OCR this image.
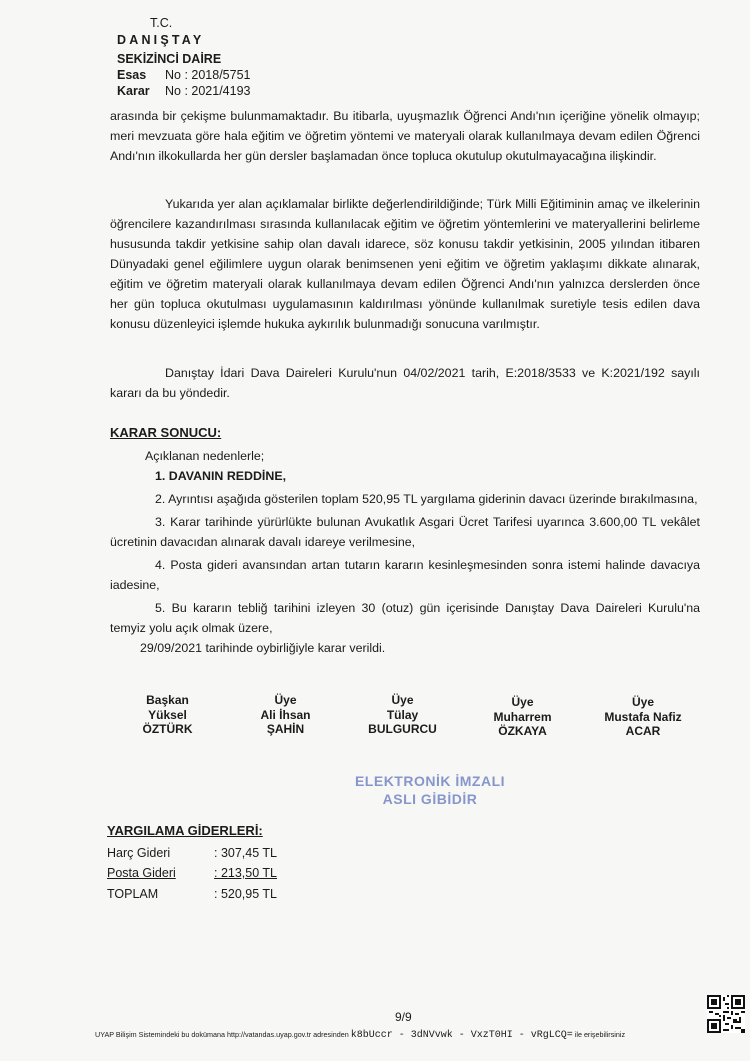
T.C.
DANIŞTAY
SEKİZİNCİ DAİRE
Esas No : 2018/5751
Karar No : 2021/4193

arasında bir çekişme bulunmamaktadır. Bu itibarla, uyuşmazlık Öğrenci Andı'nın içeriğine yönelik olmayıp; meri mevzuata göre hala eğitim ve öğretim yöntemi ve materyali olarak kullanılmaya devam edilen Öğrenci Andı'nın ilkokullarda her gün dersler başlamadan önce topluca okutulup okutulmayacağına ilişkindir.

Yukarıda yer alan açıklamalar birlikte değerlendirildiğinde; Türk Milli Eğitiminin amaç ve ilkelerinin öğrencilere kazandırılması sırasında kullanılacak eğitim ve öğretim yöntemlerini ve materyallerini belirleme hususunda takdir yetkisine sahip olan davalı idarece, söz konusu takdir yetkisinin, 2005 yılından itibaren Dünyadaki genel eğilimlere uygun olarak benimsenen yeni eğitim ve öğretim yaklaşımı dikkate alınarak, eğitim ve öğretim materyali olarak kullanılmaya devam edilen Öğrenci Andı'nın yalnızca derslerden önce her gün topluca okutulması uygulamasının kaldırılması yönünde kullanılmak suretiyle tesis edilen dava konusu düzenleyici işlemde hukuka aykırılık bulunmadığı sonucuna varılmıştır.

Danıştay İdari Dava Daireleri Kurulu'nun 04/02/2021 tarih, E:2018/3533 ve K:2021/192 sayılı kararı da bu yöndedir.

KARAR SONUCU:

Açıklanan nedenlerle;

1. DAVANIN REDDİNE,

2. Ayrıntısı aşağıda gösterilen toplam 520,95 TL yargılama giderinin davacı üzerinde bırakılmasına,

3. Karar tarihinde yürürlükte bulunan Avukatlık Asgari Ücret Tarifesi uyarınca 3.600,00 TL vekâlet ücretinin davacıdan alınarak davalı idareye verilmesine,

4. Posta gideri avansından artan tutarın kararın kesinleşmesinden sonra istemi halinde davacıya iadesine,

5. Bu kararın tebliğ tarihini izleyen 30 (otuz) gün içerisinde Danıştay Dava Daireleri Kurulu'na temyiz yolu açık olmak üzere,

29/09/2021 tarihinde oybirliğiyle karar verildi.

Başkan
Yüksel
ÖZTÜRK
Üye
Ali İhsan
ŞAHİN
Üye
Tülay
BULGURCU
Üye
Muharrem
ÖZKAYA
Üye
Mustafa Nafiz
ACAR
ELEKTRONİK İMZALI
ASLI GİBİDİR
YARGILAMA GİDERLERİ:
Harç Gideri	: 307,45 TL
Posta Gideri	: 213,50 TL
TOPLAM	: 520,95 TL
9/9
UYAP Bilişim Sistemindeki bu dokümana http://vatandas.uyap.gov.tr adresinden k8bUccr - 3dNVvwk - VxzT0HI - vRgLCQ= ile erişebilirsiniz
